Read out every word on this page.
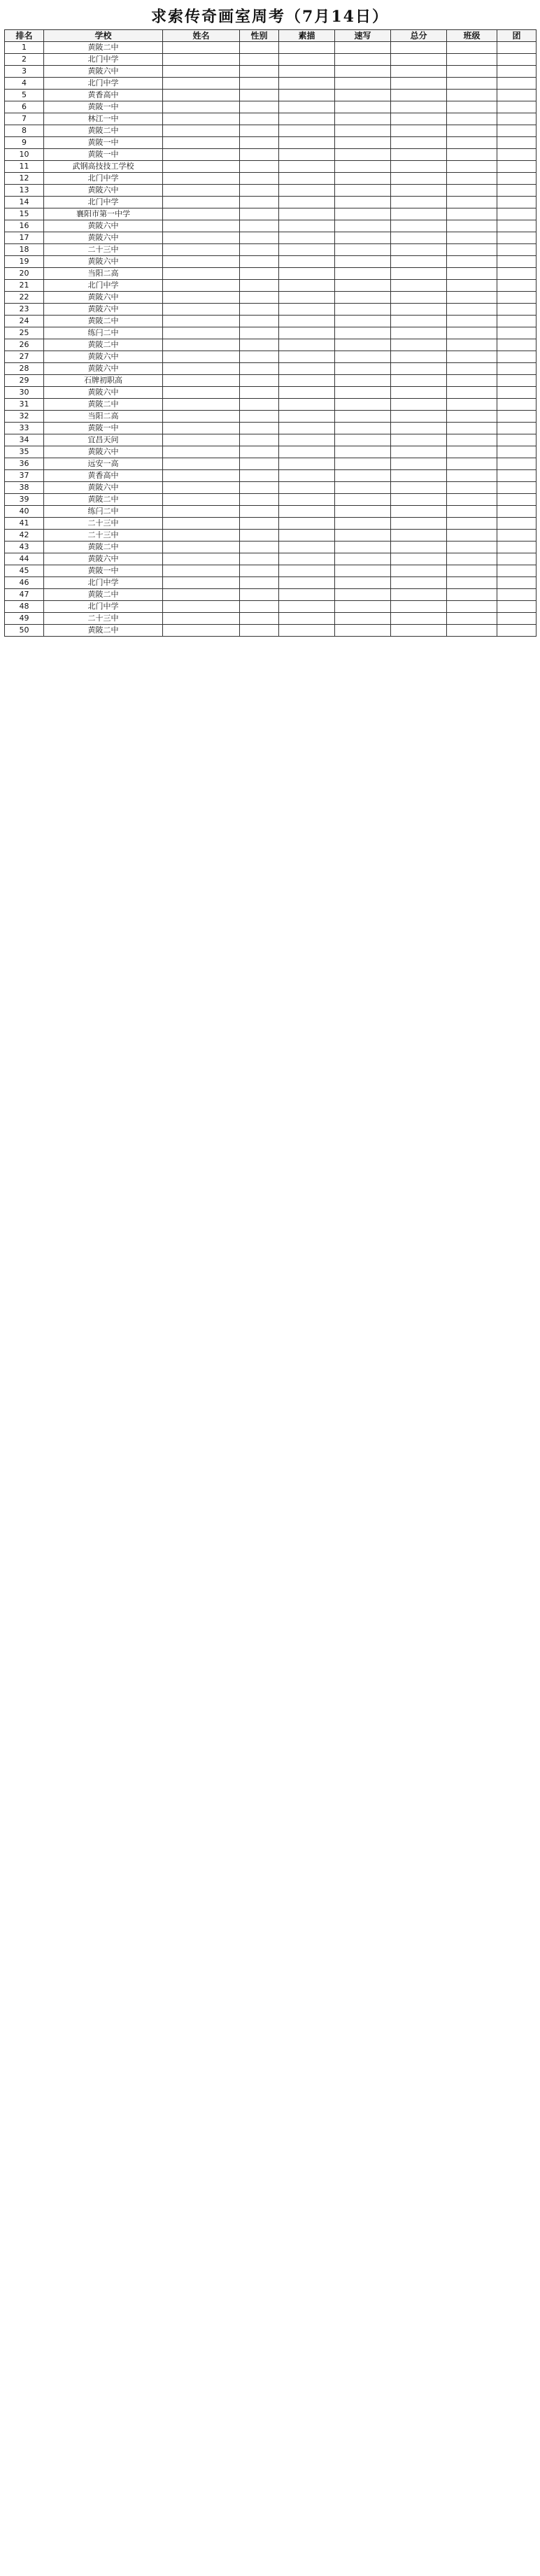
求索传奇画室周考（7月14日）
排名	学校	姓名	性别	素描	速写	总分	班级	团
1	黄陂二中							
2	北门中学							
3	黄陂六中							
4	北门中学							
5	黄香高中							
6	黄陂一中							
7	林江一中							
8	黄陂二中							
9	黄陂一中							
10	黄陂一中							
11	武钢高技技工学校							
12	北门中学							
13	黄陂六中							
14	北门中学							
15	襄阳市第一中学							
16	黄陂六中							
17	黄陂六中							
18	二十三中							
19	黄陂六中							
20	当阳二高							
21	北门中学							
22	黄陂六中							
23	黄陂六中							
24	黄陂二中							
25	练闩二中							
26	黄陂二中							
27	黄陂六中							
28	黄陂六中							
29	石牌初职高							
30	黄陂六中							
31	黄陂二中							
32	当阳二高							
33	黄陂一中							
34	宜昌天问							
35	黄陂六中							
36	远安一高							
37	黄香高中							
38	黄陂六中							
39	黄陂二中							
40	练闩二中							
41	二十三中							
42	二十三中							
43	黄陂二中							
44	黄陂六中							
45	黄陂一中							
46	北门中学							
47	黄陂二中							
48	北门中学							
49	二十三中							
50	黄陂二中							
